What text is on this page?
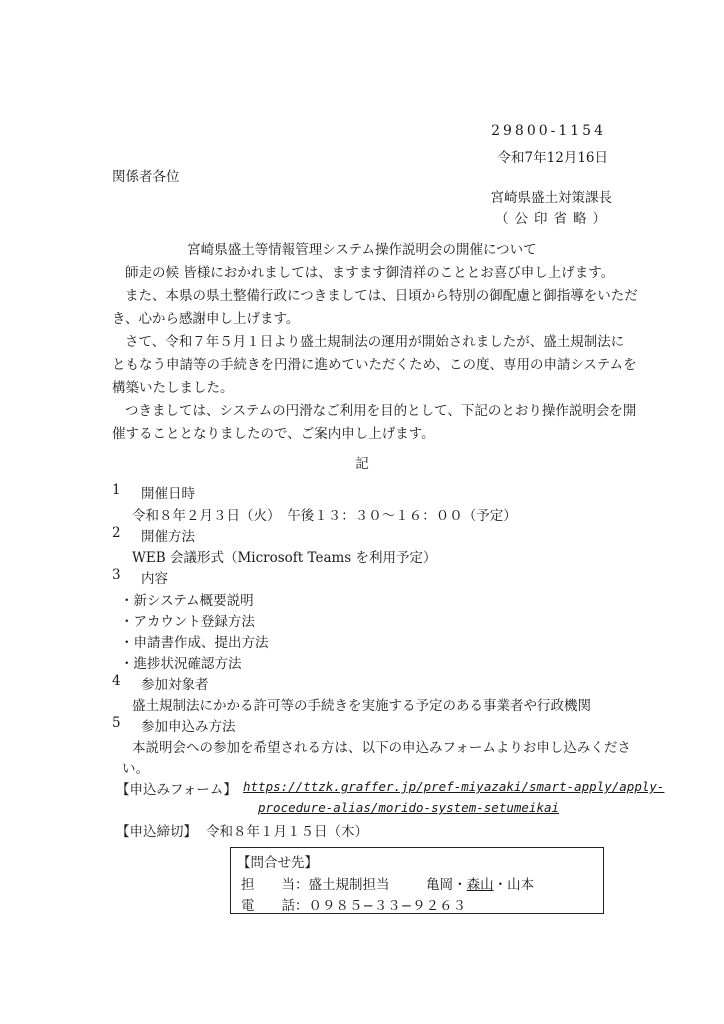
29800-1154
令和7年12月16日
関係者各位
宮崎県盛土対策課長
（公印省略）
宮崎県盛土等情報管理システム操作説明会の開催について
師走の候 皆様におかれましては、ますます御清祥のこととお喜び申し上げます。
また、本県の県土整備行政につきましては、日頃から特別の御配慮と御指導をいただ
き、心から感謝申し上げます。
さて、令和７年５月１日より盛土規制法の運用が開始されましたが、盛土規制法に
ともなう申請等の手続きを円滑に進めていただくため、この度、専用の申請システムを
構築いたしました。
つきましては、システムの円滑なご利用を目的として、下記のとおり操作説明会を開
催することとなりましたので、ご案内申し上げます。
記
1 開催日時
令和８年２月３日（火）　午後１３：３０～１６：００（予定）
2 開催方法
WEB 会議形式（Microsoft Teams を利用予定）
3 内容
・新システム概要説明
・アカウント登録方法
・申請書作成、提出方法
・進捗状況確認方法
4 参加対象者
盛土規制法にかかる許可等の手続きを実施する予定のある事業者や行政機関
5 参加申込み方法
本説明会への参加を希望される方は、以下の申込みフォームよりお申し込みくださ
い。
【申込みフォーム】 https://ttzk.graffer.jp/pref-miyazaki/smart-apply/apply-
procedure-alias/morido-system-setumeikai
【申込締切】 令和８年１月１５日（木）
【問合せ先】
担　　当：盛土規制担当	亀岡・森山・山本
電　　話：０９８５−３３−９２６３
